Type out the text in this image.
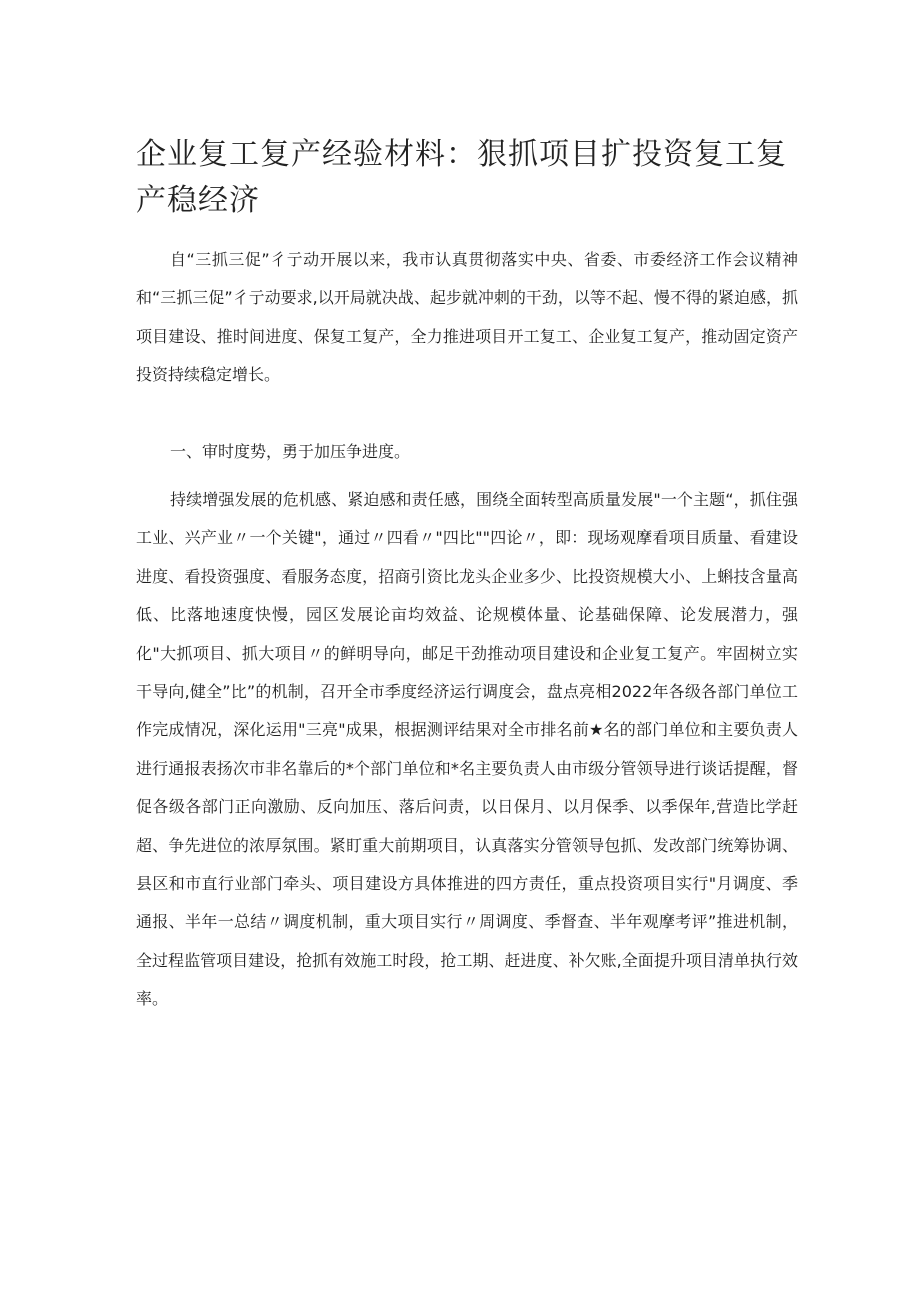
企业复工复产经验材料：狠抓项目扩投资复工复产稳经济

自“三抓三促”彳亍动开展以来，我市认真贯彻落实中央、省委、市委经济工作会议精神和“三抓三促”彳亍动要求,以开局就决战、起步就冲刺的干劲，以等不起、慢不得的紧迫感，抓项目建设、推时间进度、保复工复产，全力推进项目开工复工、企业复工复产，推动固定资产投资持续稳定增长。

一、审时度势，勇于加压争进度。

持续增强发展的危机感、紧迫感和责任感，围绕全面转型高质量发展"一个主题“，抓住强工业、兴产业〃一个关键"，通过〃四看〃"四比""四论〃，即：现场观摩看项目质量、看建设进度、看投资强度、看服务态度，招商引资比龙头企业多少、比投资规模大小、上蝌技含量高低、比落地速度快慢，园区发展论亩均效益、论规模体量、论基础保障、论发展潜力，强化"大抓项目、抓大项目〃的鲜明导向，邮足干劲推动项目建设和企业复工复产。牢固树立实干导向,健全”比”的机制，召开全市季度经济运行调度会，盘点亮相2022年各级各部门单位工作完成情况，深化运用"三亮"成果，根据测评结果对全市排名前★名的部门单位和主要负责人进行通报表扬次市非名靠后的*个部门单位和*名主要负责人由市级分管领导进行谈话提醒，督促各级各部门正向激励、反向加压、落后问责，以日保月、以月保季、以季保年,营造比学赶超、争先进位的浓厚氛围。紧盯重大前期项目，认真落实分管领导包抓、发改部门统筹协调、县区和市直行业部门牵头、项目建设方具体推进的四方责任，重点投资项目实行"月调度、季通报、半年一总结〃调度机制，重大项目实行〃周调度、季督查、半年观摩考评”推进机制，全过程监管项目建设，抢抓有效施工时段，抢工期、赶进度、补欠账,全面提升项目清单执行效率。
